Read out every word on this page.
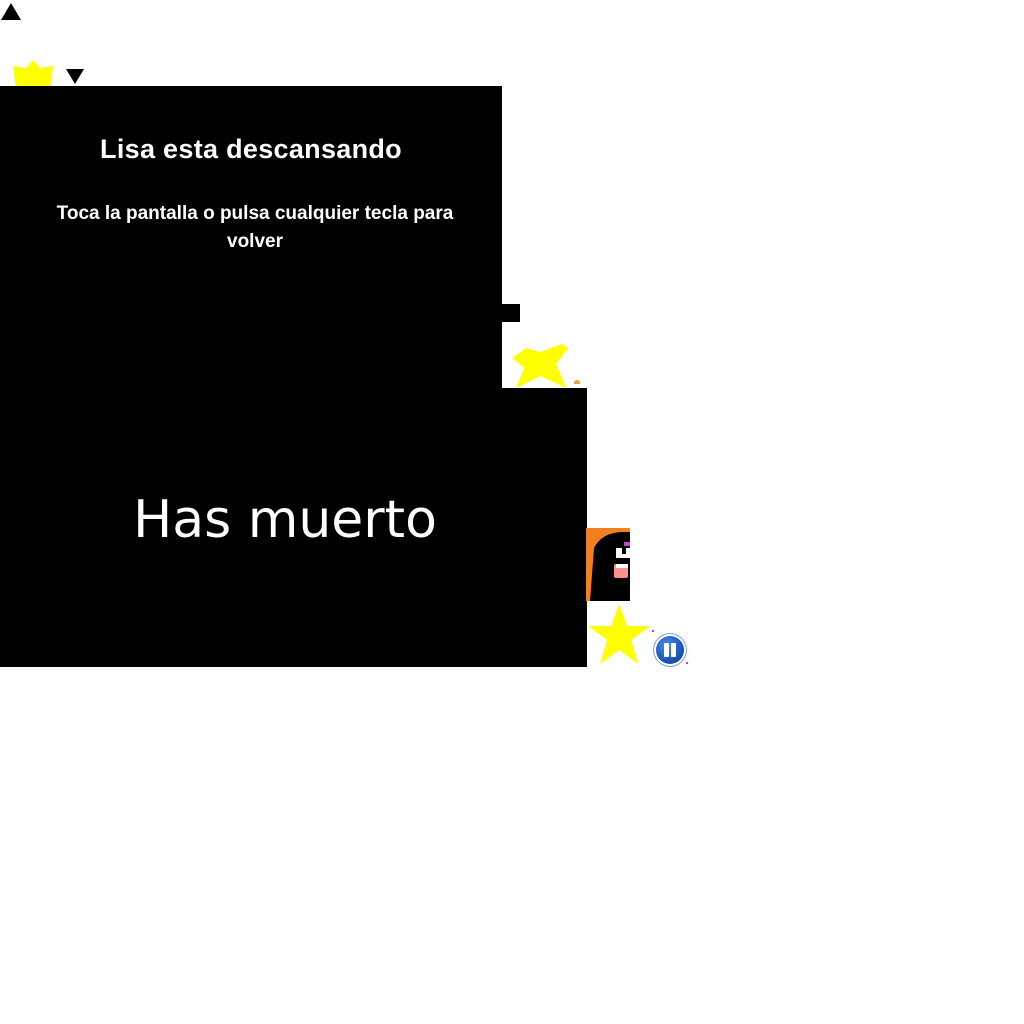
Lisa esta descansando
Toca la pantalla o pulsa cualquier tecla para volver
Has muerto
